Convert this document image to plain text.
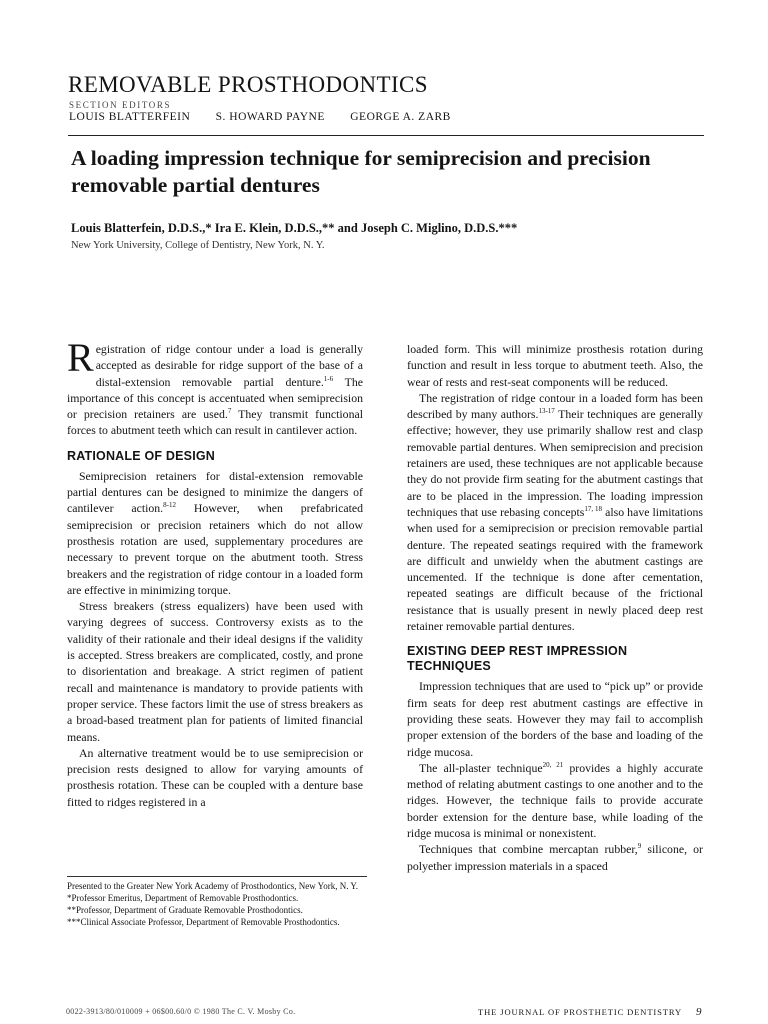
REMOVABLE PROSTHODONTICS
SECTION EDITORS
LOUIS BLATTERFEIN S. HOWARD PAYNE GEORGE A. ZARB
A loading impression technique for semiprecision and precision removable partial dentures
Louis Blatterfein, D.D.S.,* Ira E. Klein, D.D.S.,** and Joseph C. Miglino, D.D.S.***
New York University, College of Dentistry, New York, N. Y.

Registration of ridge contour under a load is generally accepted as desirable for ridge support of the base of a distal-extension removable partial denture.$^{1-6}$ The importance of this concept is accentuated when semiprecision or precision retainers are used.$^7$ They transmit functional forces to abutment teeth which can result in cantilever action.

RATIONALE OF DESIGN

Semiprecision retainers for distal-extension removable partial dentures can be designed to minimize the dangers of cantilever action.$^{8-12}$ However, when prefabricated semiprecision or precision retainers which do not allow prosthesis rotation are used, supplementary procedures are necessary to prevent torque on the abutment tooth. Stress breakers and the registration of ridge contour in a loaded form are effective in minimizing torque.

Stress breakers (stress equalizers) have been used with varying degrees of success. Controversy exists as to the validity of their rationale and their ideal designs if the validity is accepted. Stress breakers are complicated, costly, and prone to disorientation and breakage. A strict regimen of patient recall and maintenance is mandatory to provide patients with proper service. These factors limit the use of stress breakers as a broad-based treatment plan for patients of limited financial means.

An alternative treatment would be to use semiprecision or precision rests designed to allow for varying amounts of prosthesis rotation. These can be coupled with a denture base fitted to ridges registered in a

Presented to the Greater New York Academy of Prosthodontics, New York, N. Y.
*Professor Emeritus, Department of Removable Prosthodontics.
**Professor, Department of Graduate Removable Prosthodontics.
***Clinical Associate Professor, Department of Removable Prosthodontics.

loaded form. This will minimize prosthesis rotation during function and result in less torque to abutment teeth. Also, the wear of rests and rest-seat components will be reduced.

The registration of ridge contour in a loaded form has been described by many authors.$^{13-17}$ Their techniques are generally effective; however, they use primarily shallow rest and clasp removable partial dentures. When semiprecision and precision retainers are used, these techniques are not applicable because they do not provide firm seating for the abutment castings that are to be placed in the impression. The loading impression techniques that use rebasing concepts$^{17, 18}$ also have limitations when used for a semiprecision or precision removable partial denture. The repeated seatings required with the framework are difficult and unwieldy when the abutment castings are uncemented. If the technique is done after cementation, repeated seatings are difficult because of the frictional resistance that is usually present in newly placed deep rest retainer removable partial dentures.

EXISTING DEEP REST IMPRESSION TECHNIQUES

Impression techniques that are used to “pick up” or provide firm seats for deep rest abutment castings are effective in providing these seats. However they may fail to accomplish proper extension of the borders of the base and loading of the ridge mucosa.

The all-plaster technique$^{20, 21}$ provides a highly accurate method of relating abutment castings to one another and to the ridges. However, the technique fails to provide accurate border extension for the denture base, while loading of the ridge mucosa is minimal or nonexistent.

Techniques that combine mercaptan rubber,$^9$ silicone, or polyether impression materials in a spaced

0022-3913/80/010009 + 06$00.60/0 © 1980 The C. V. Mosby Co.	THE JOURNAL OF PROSTHETIC DENTISTRY 9
